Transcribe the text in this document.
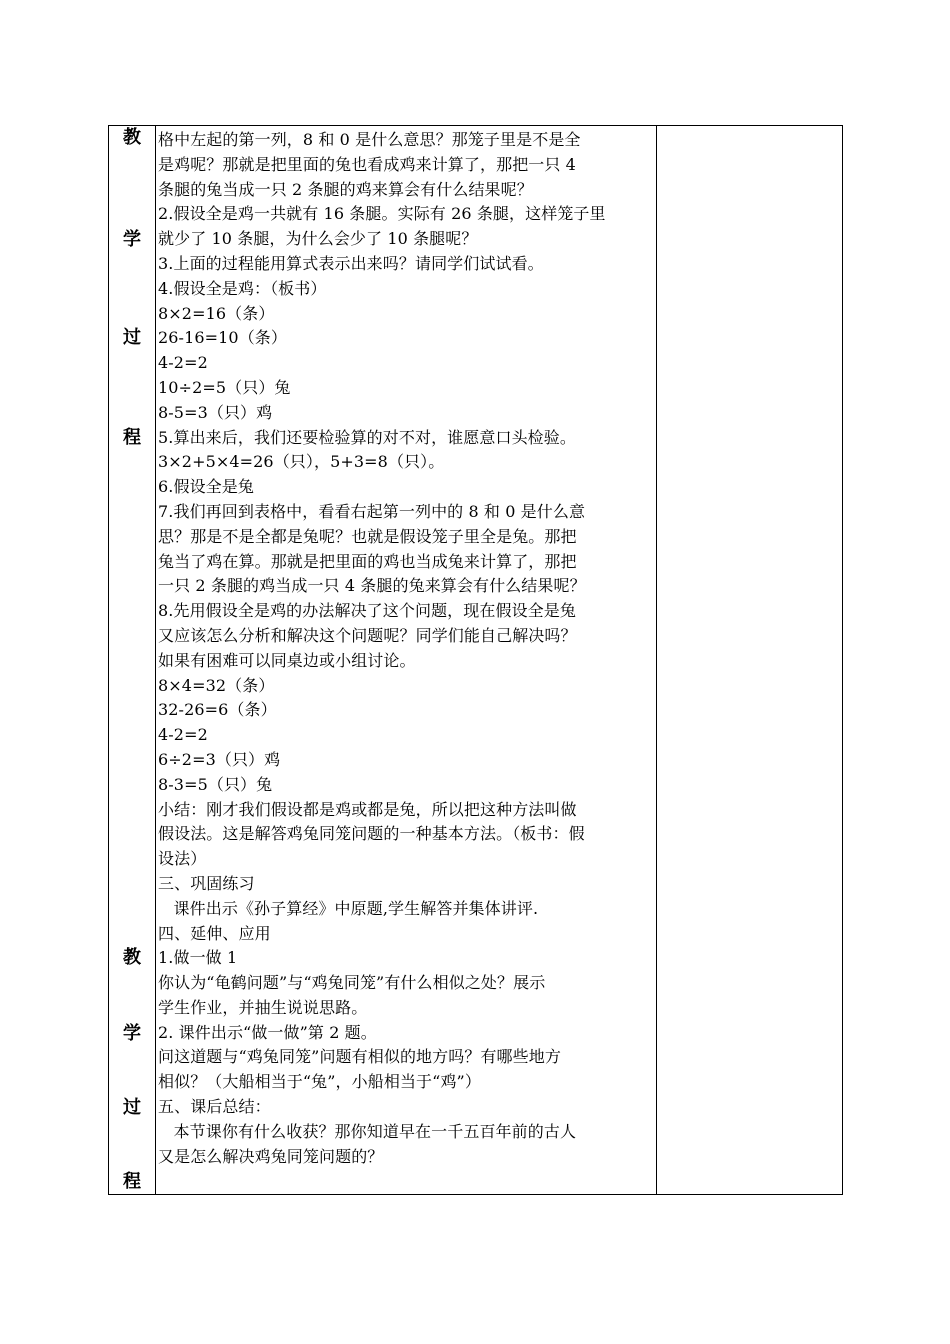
教
学
过
程
教
学
过
程

格中左起的第一列，8 和 0 是什么意思？那笼子里是不是全
是鸡呢？那就是把里面的兔也看成鸡来计算了，那把一只 4
条腿的兔当成一只 2 条腿的鸡来算会有什么结果呢？
2.假设全是鸡一共就有 16 条腿。实际有 26 条腿，这样笼子里
就少了 10 条腿，为什么会少了 10 条腿呢？
3.上面的过程能用算式表示出来吗？请同学们试试看。
4.假设全是鸡：（板书）
8×2=16（条）
26-16=10（条）
4-2=2
10÷2=5（只）兔
8-5=3（只）鸡
5.算出来后，我们还要检验算的对不对，谁愿意口头检验。
3×2+5×4=26（只），5+3=8（只）。
6.假设全是兔
7.我们再回到表格中，看看右起第一列中的 8 和 0 是什么意
思？那是不是全都是兔呢？也就是假设笼子里全是兔。那把
兔当了鸡在算。那就是把里面的鸡也当成兔来计算了，那把
一只 2 条腿的鸡当成一只 4 条腿的兔来算会有什么结果呢？
8.先用假设全是鸡的办法解决了这个问题，现在假设全是兔
又应该怎么分析和解决这个问题呢？同学们能自己解决吗？
如果有困难可以同桌边或小组讨论。
8×4=32（条）
32-26=6（条）
4-2=2
6÷2=3（只）鸡
8-3=5（只）兔
小结：刚才我们假设都是鸡或都是兔，所以把这种方法叫做
假设法。这是解答鸡兔同笼问题的一种基本方法。（板书：假
设法）
三、巩固练习
课件出示《孙子算经》中原题,学生解答并集体讲评.
四、延伸、应用
1.做一做 1
你认为“龟鹤问题”与“鸡兔同笼”有什么相似之处？展示
学生作业，并抽生说说思路。
2. 课件出示“做一做”第 2 题。
问这道题与“鸡兔同笼”问题有相似的地方吗？有哪些地方
相似？（大船相当于“兔”，小船相当于“鸡”）
五、课后总结：
本节课你有什么收获？那你知道早在一千五百年前的古人
又是怎么解决鸡兔同笼问题的？
